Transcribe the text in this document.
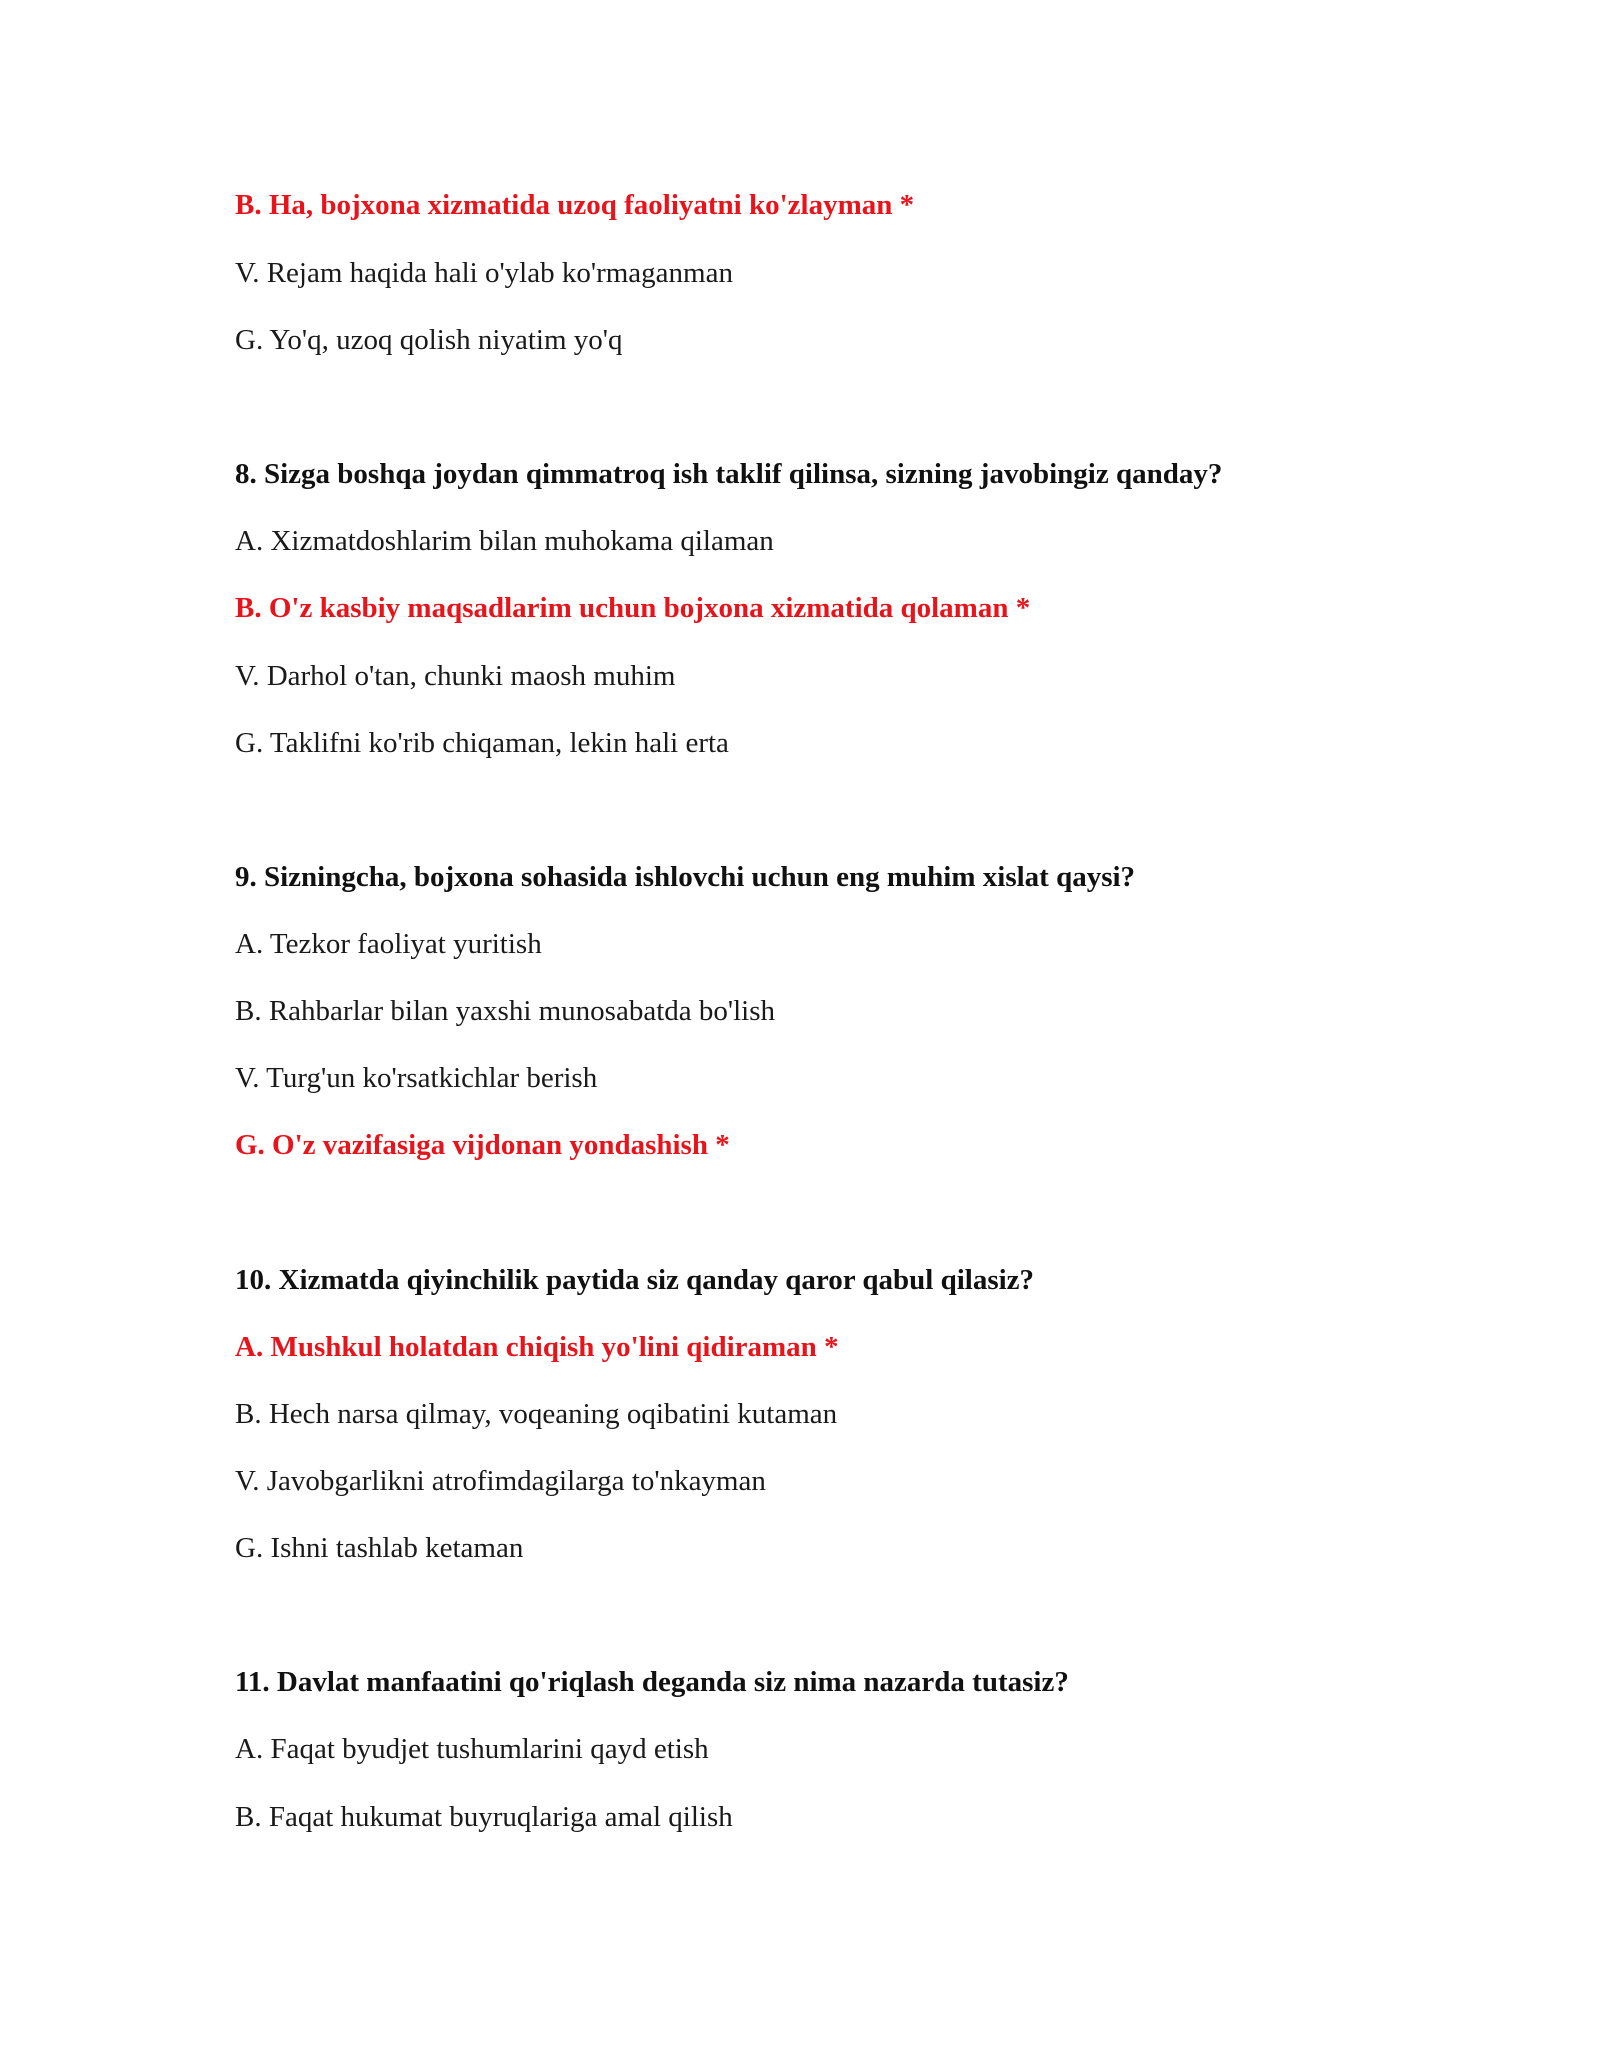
B. Ha, bojxona xizmatida uzoq faoliyatni ko'zlayman *

V. Rejam haqida hali o'ylab ko'rmaganman

G. Yo'q, uzoq qolish niyatim yo'q

8. Sizga boshqa joydan qimmatroq ish taklif qilinsa, sizning javobingiz qanday?

A. Xizmatdoshlarim bilan muhokama qilaman

B. O'z kasbiy maqsadlarim uchun bojxona xizmatida qolaman *

V. Darhol o'tan, chunki maosh muhim

G. Taklifni ko'rib chiqaman, lekin hali erta

9. Sizningcha, bojxona sohasida ishlovchi uchun eng muhim xislat qaysi?

A. Tezkor faoliyat yuritish

B. Rahbarlar bilan yaxshi munosabatda bo'lish

V. Turg'un ko'rsatkichlar berish

G. O'z vazifasiga vijdonan yondashish *

10. Xizmatda qiyinchilik paytida siz qanday qaror qabul qilasiz?

A. Mushkul holatdan chiqish yo'lini qidiraman *

B. Hech narsa qilmay, voqeaning oqibatini kutaman

V. Javobgarlikni atrofimdagilarga to'nkayman

G. Ishni tashlab ketaman

11. Davlat manfaatini qo'riqlash deganda siz nima nazarda tutasiz?

A. Faqat byudjet tushumlarini qayd etish

B. Faqat hukumat buyruqlariga amal qilish
